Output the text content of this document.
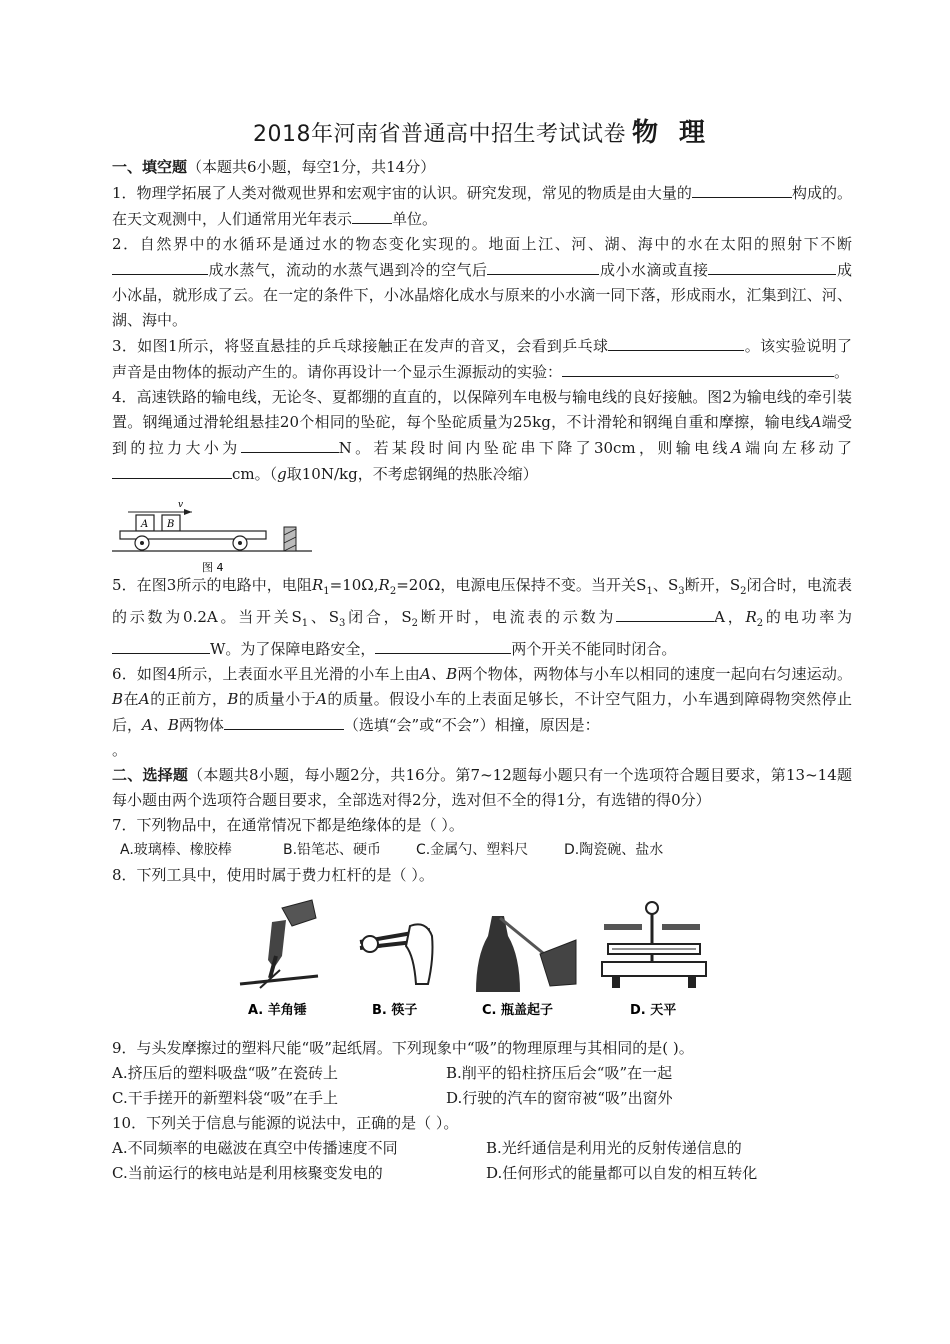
2018年河南省普通高中招生考试试卷 物 理

一、填空题（本题共6小题，每空1分，共14分）

1．物理学拓展了人类对微观世界和宏观宇宙的认识。研究发现，常见的物质是由大量的	构成的。在天文观测中，人们通常用光年表示	单位。

2．自然界中的水循环是通过水的物态变化实现的。地面上江、河、湖、海中的水在太阳的照射下不断成水蒸气，流动的水蒸气遇到冷的空气后	成小水滴或直接	成小冰晶，就形成了云。在一定的条件下，小冰晶熔化成水与原来的小水滴一同下落，形成雨水，汇集到江、河、湖、海中。

3．如图1所示，将竖直悬挂的乒乓球接触正在发声的音叉，会看到乒乓球	。该实验说明了声音是由物体的振动产生的。请你再设计一个显示生源振动的实验：	。

4．高速铁路的输电线，无论冬、夏都绷的直直的，以保障列车电极与输电线的良好接触。图2为输电线的牵引装置。钢绳通过滑轮组悬挂20个相同的坠砣，每个坠砣质量为25kg，不计滑轮和钢绳自重和摩擦，输电线A端受到的拉力大小为	N。若某段时间内坠砣串下降了30cm，则输电线A端向左移动了cm。（g取10N/kg，不考虑钢绳的热胀冷缩）

v
A B
图 4

5．在图3所示的电路中，电阻$R_1=10\Omega,R_2=20\Omega$，电源电压保持不变。当开关$S_1$、$S_3$断开，$S_2$闭合时，电流表的示数为0.2A。当开关$S_1$、$S_3$闭合，$S_2$断开时，电流表的示数为	A，$R_2$的电功率为W。为了保障电路安全，	两个开关不能同时闭合。

6．如图4所示，上表面水平且光滑的小车上由A、B两个物体，两物体与小车以相同的速度一起向右匀速运动。B在A的正前方，B的质量小于A的质量。假设小车的上表面足够长，不计空气阻力，小车遇到障碍物突然停止后，A、B两物体	（选填“会”或“不会”）相撞，原因是：
。

二、选择题（本题共8小题，每小题2分，共16分。第7~12题每小题只有一个选项符合题目要求，第13~14题每小题由两个选项符合题目要求，全部选对得2分，选对但不全的得1分，有选错的得0分）

7．下列物品中，在通常情况下都是绝缘体的是（ ）。

A.玻璃棒、橡胶棒	B.铅笔芯、硬币	C.金属勺、塑料尺	D.陶瓷碗、盐水

8．下列工具中，使用时属于费力杠杆的是（ ）。

A. 羊角锤	B. 筷子	C. 瓶盖起子	D. 天平

9．与头发摩擦过的塑料尺能“吸”起纸屑。下列现象中“吸”的物理原理与其相同的是( )。

A.挤压后的塑料吸盘“吸”在瓷砖上	B.削平的铅柱挤压后会“吸”在一起
C.干手搓开的新塑料袋“吸”在手上	D.行驶的汽车的窗帘被“吸”出窗外

10．下列关于信息与能源的说法中，正确的是（ ）。

A.不同频率的电磁波在真空中传播速度不同	B.光纤通信是利用光的反射传递信息的
C.当前运行的核电站是利用核聚变发电的	D.任何形式的能量都可以自发的相互转化
